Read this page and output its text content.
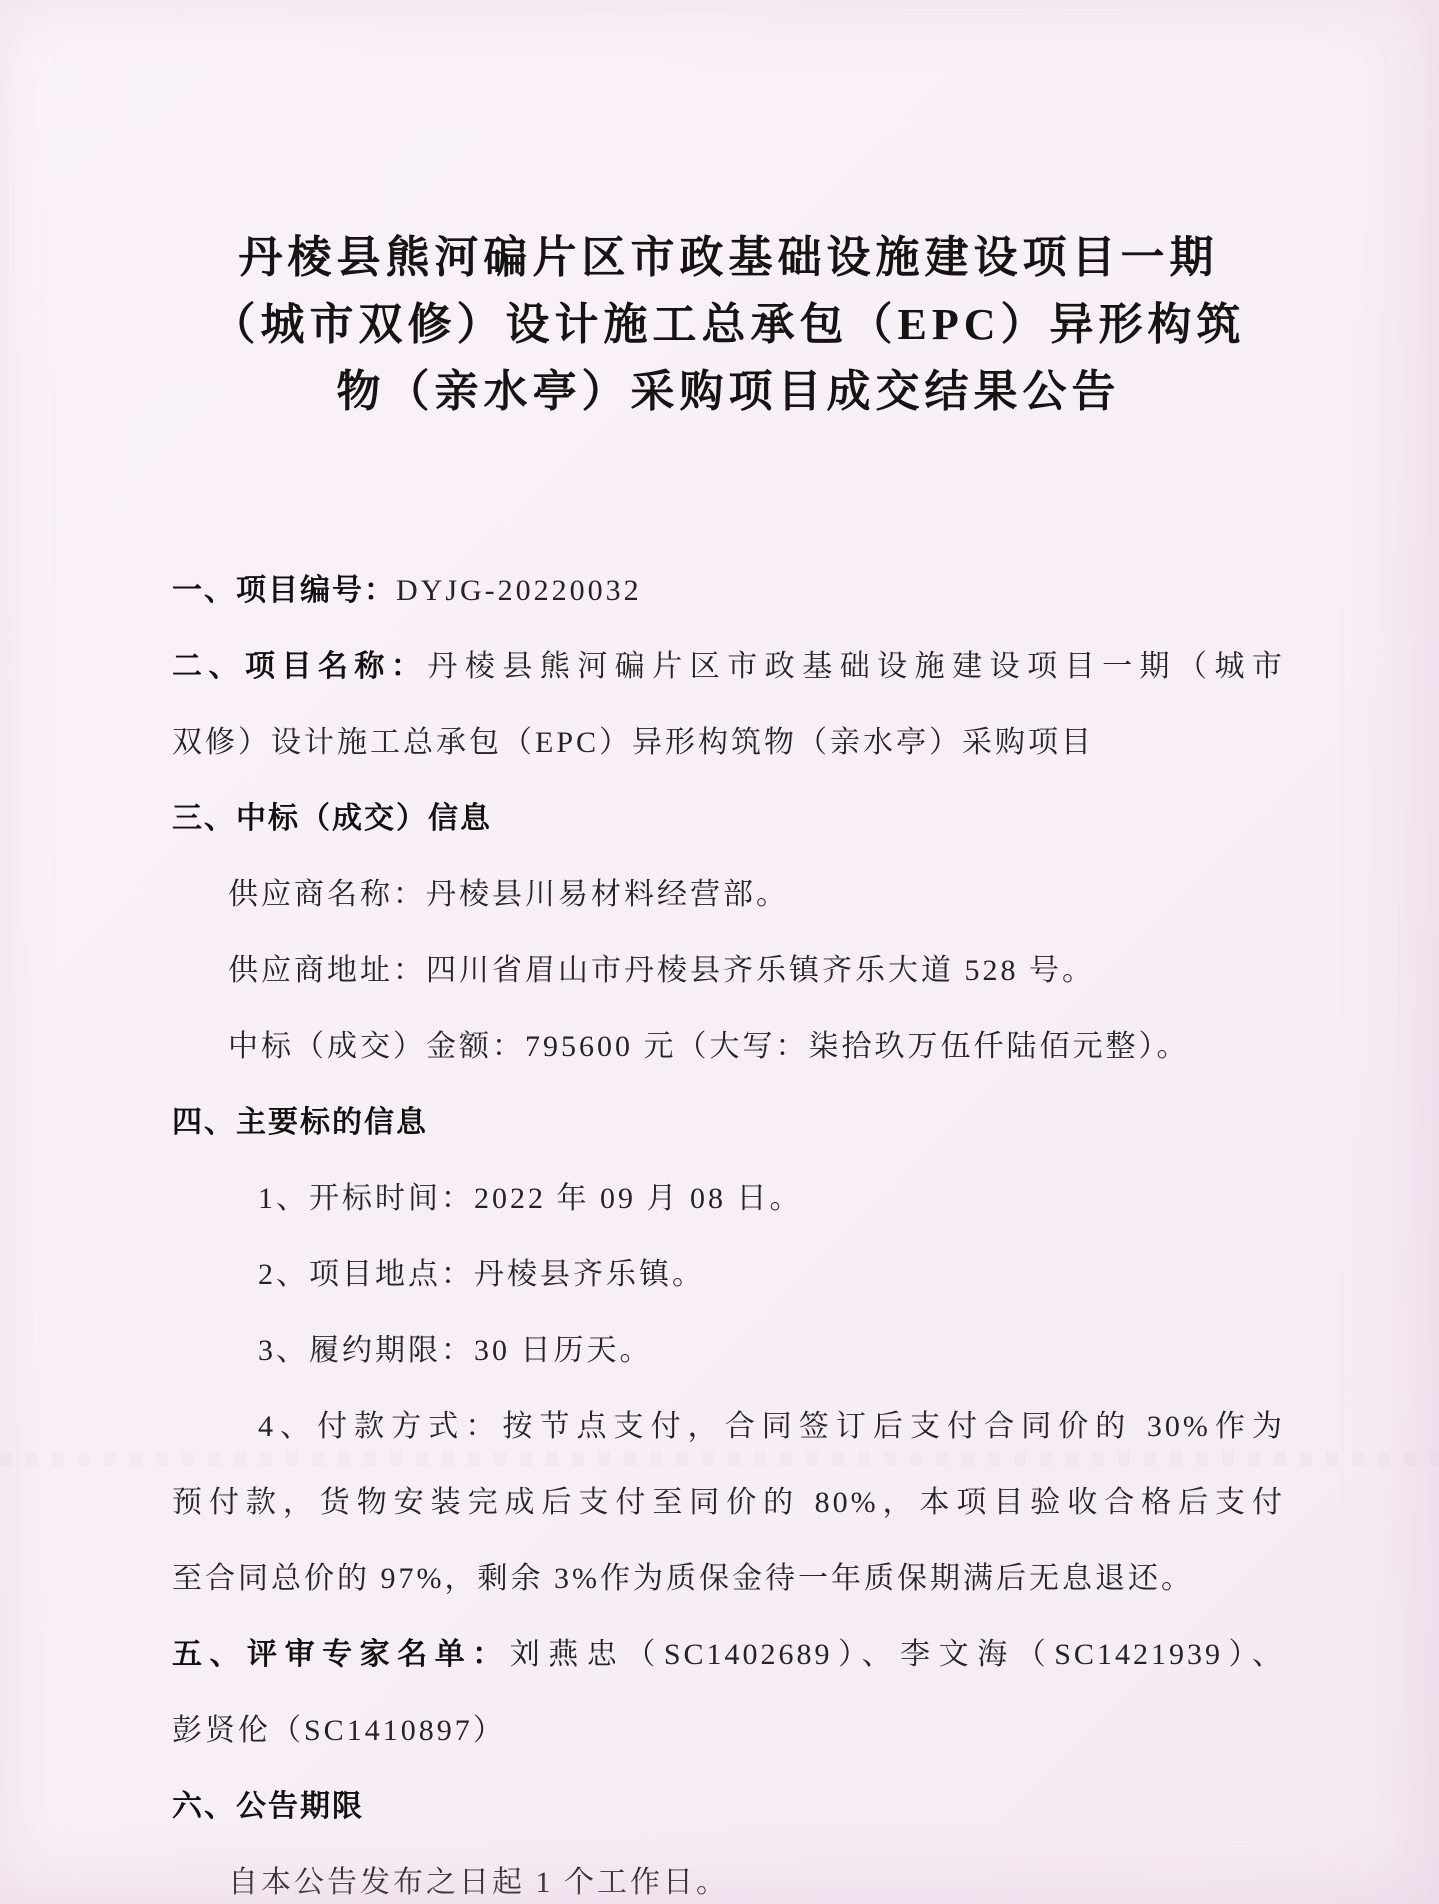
丹棱县熊河碥片区市政基础设施建设项目一期
（城市双修）设计施工总承包（EPC）异形构筑
物（亲水亭）采购项目成交结果公告

一、项目编号：DYJG-20220032

二、项目名称：丹棱县熊河碥片区市政基础设施建设项目一期（城市

双修）设计施工总承包（EPC）异形构筑物（亲水亭）采购项目

三、中标（成交）信息

供应商名称：丹棱县川易材料经营部。

供应商地址：四川省眉山市丹棱县齐乐镇齐乐大道 528 号。

中标（成交）金额：795600 元（大写：柒拾玖万伍仟陆佰元整）。

四、主要标的信息

1、开标时间：2022 年 09 月 08 日。

2、项目地点：丹棱县齐乐镇。

3、履约期限：30 日历天。

4、付款方式：按节点支付，合同签订后支付合同价的 30%作为

预付款，货物安装完成后支付至同价的 80%，本项目验收合格后支付

至合同总价的 97%，剩余 3%作为质保金待一年质保期满后无息退还。

五、评审专家名单：刘燕忠（SC1402689）、李文海（SC1421939）、

彭贤伦（SC1410897）

六、公告期限

自本公告发布之日起 1 个工作日。
